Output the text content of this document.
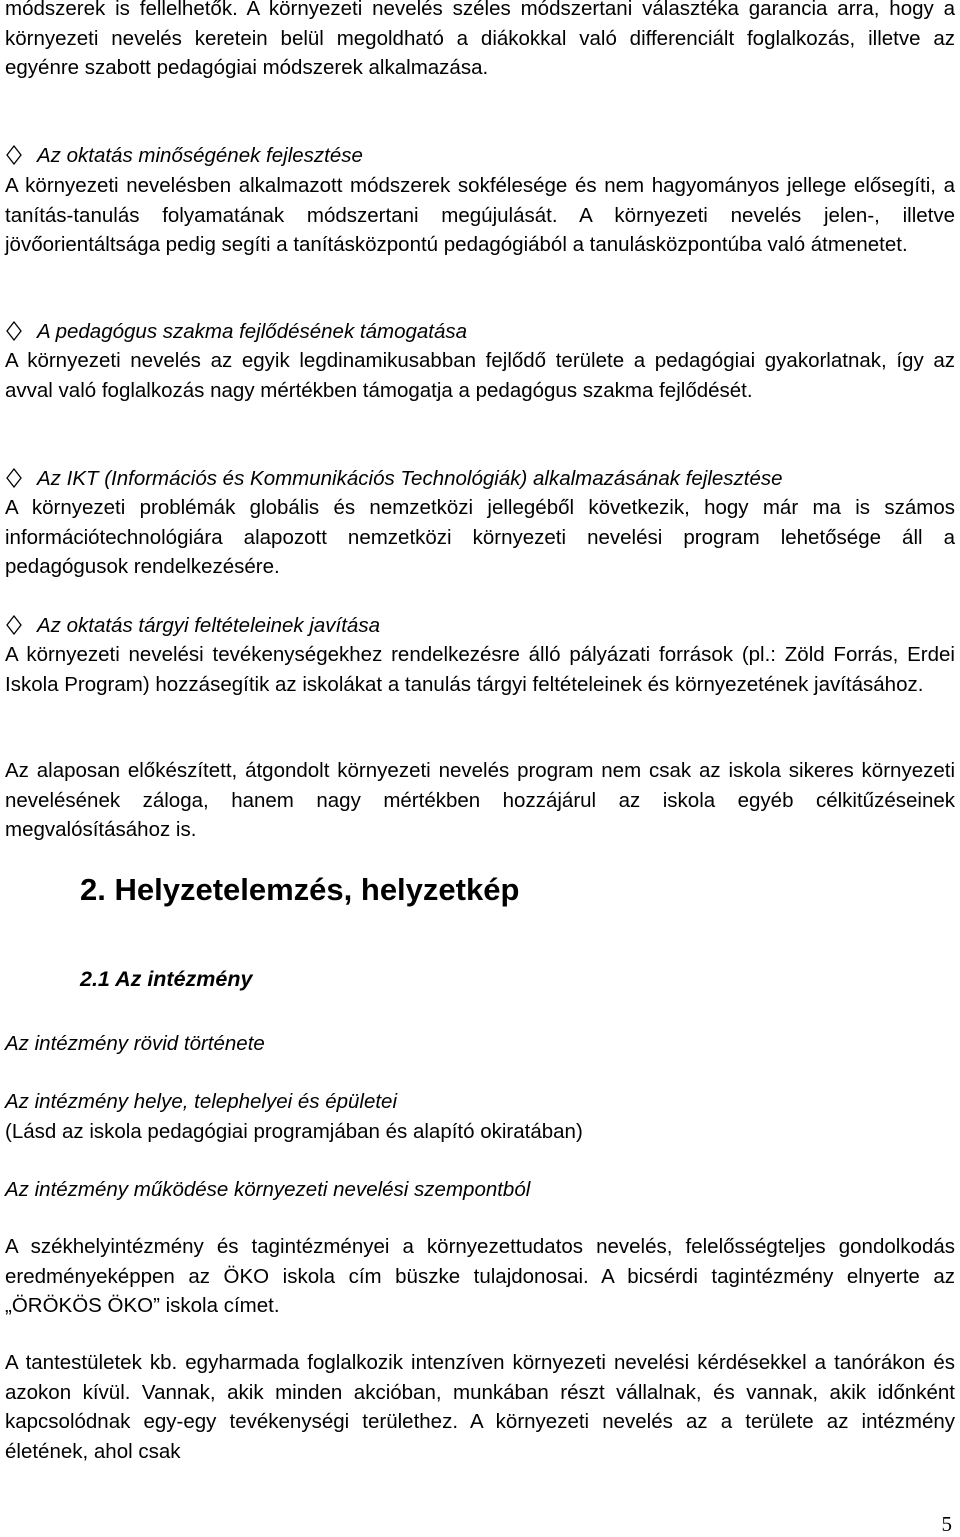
módszerek is fellelhetők. A környezeti nevelés széles módszertani választéka garancia arra, hogy a környezeti nevelés keretein belül megoldható a diákokkal való differenciált foglalkozás, illetve az egyénre szabott pedagógiai módszerek alkalmazása.

Az oktatás minőségének fejlesztése

A környezeti nevelésben alkalmazott módszerek sokfélesége és nem hagyományos jellege elősegíti, a tanítás-tanulás folyamatának módszertani megújulását. A környezeti nevelés jelen-, illetve jövőorientáltsága pedig segíti a tanításközpontú pedagógiából a tanulásközpontúba való átmenetet.

A pedagógus szakma fejlődésének támogatása

A környezeti nevelés az egyik legdinamikusabban fejlődő területe a pedagógiai gyakorlatnak, így az avval való foglalkozás nagy mértékben támogatja a pedagógus szakma fejlődését.

Az IKT (Információs és Kommunikációs Technológiák) alkalmazásának fejlesztése

A környezeti problémák globális és nemzetközi jellegéből következik, hogy már ma is számos információtechnológiára alapozott nemzetközi környezeti nevelési program lehetősége áll a pedagógusok rendelkezésére.

Az oktatás tárgyi feltételeinek javítása

A környezeti nevelési tevékenységekhez rendelkezésre álló pályázati források (pl.: Zöld Forrás, Erdei Iskola Program) hozzásegítik az iskolákat a tanulás tárgyi feltételeinek és környezetének javításához.

Az alaposan előkészített, átgondolt környezeti nevelés program nem csak az iskola sikeres környezeti nevelésének záloga, hanem nagy mértékben hozzájárul az iskola egyéb célkitűzéseinek megvalósításához is.

2. Helyzetelemzés, helyzetkép
2.1 Az intézmény

Az intézmény rövid története

Az intézmény helye, telephelyei és épületei

(Lásd az iskola pedagógiai programjában és alapító okiratában)

Az intézmény működése környezeti nevelési szempontból

A székhelyintézmény és tagintézményei a környezettudatos nevelés, felelősségteljes gondolkodás eredményeképpen az ÖKO iskola cím büszke tulajdonosai. A bicsérdi tagintézmény elnyerte az „ÖRÖKÖS ÖKO” iskola címet.

A tantestületek kb. egyharmada foglalkozik intenzíven környezeti nevelési kérdésekkel a tanórákon és azokon kívül. Vannak, akik minden akcióban, munkában részt vállalnak, és vannak, akik időnként kapcsolódnak egy-egy tevékenységi területhez. A környezeti nevelés az a területe az intézmény életének, ahol csak

5
